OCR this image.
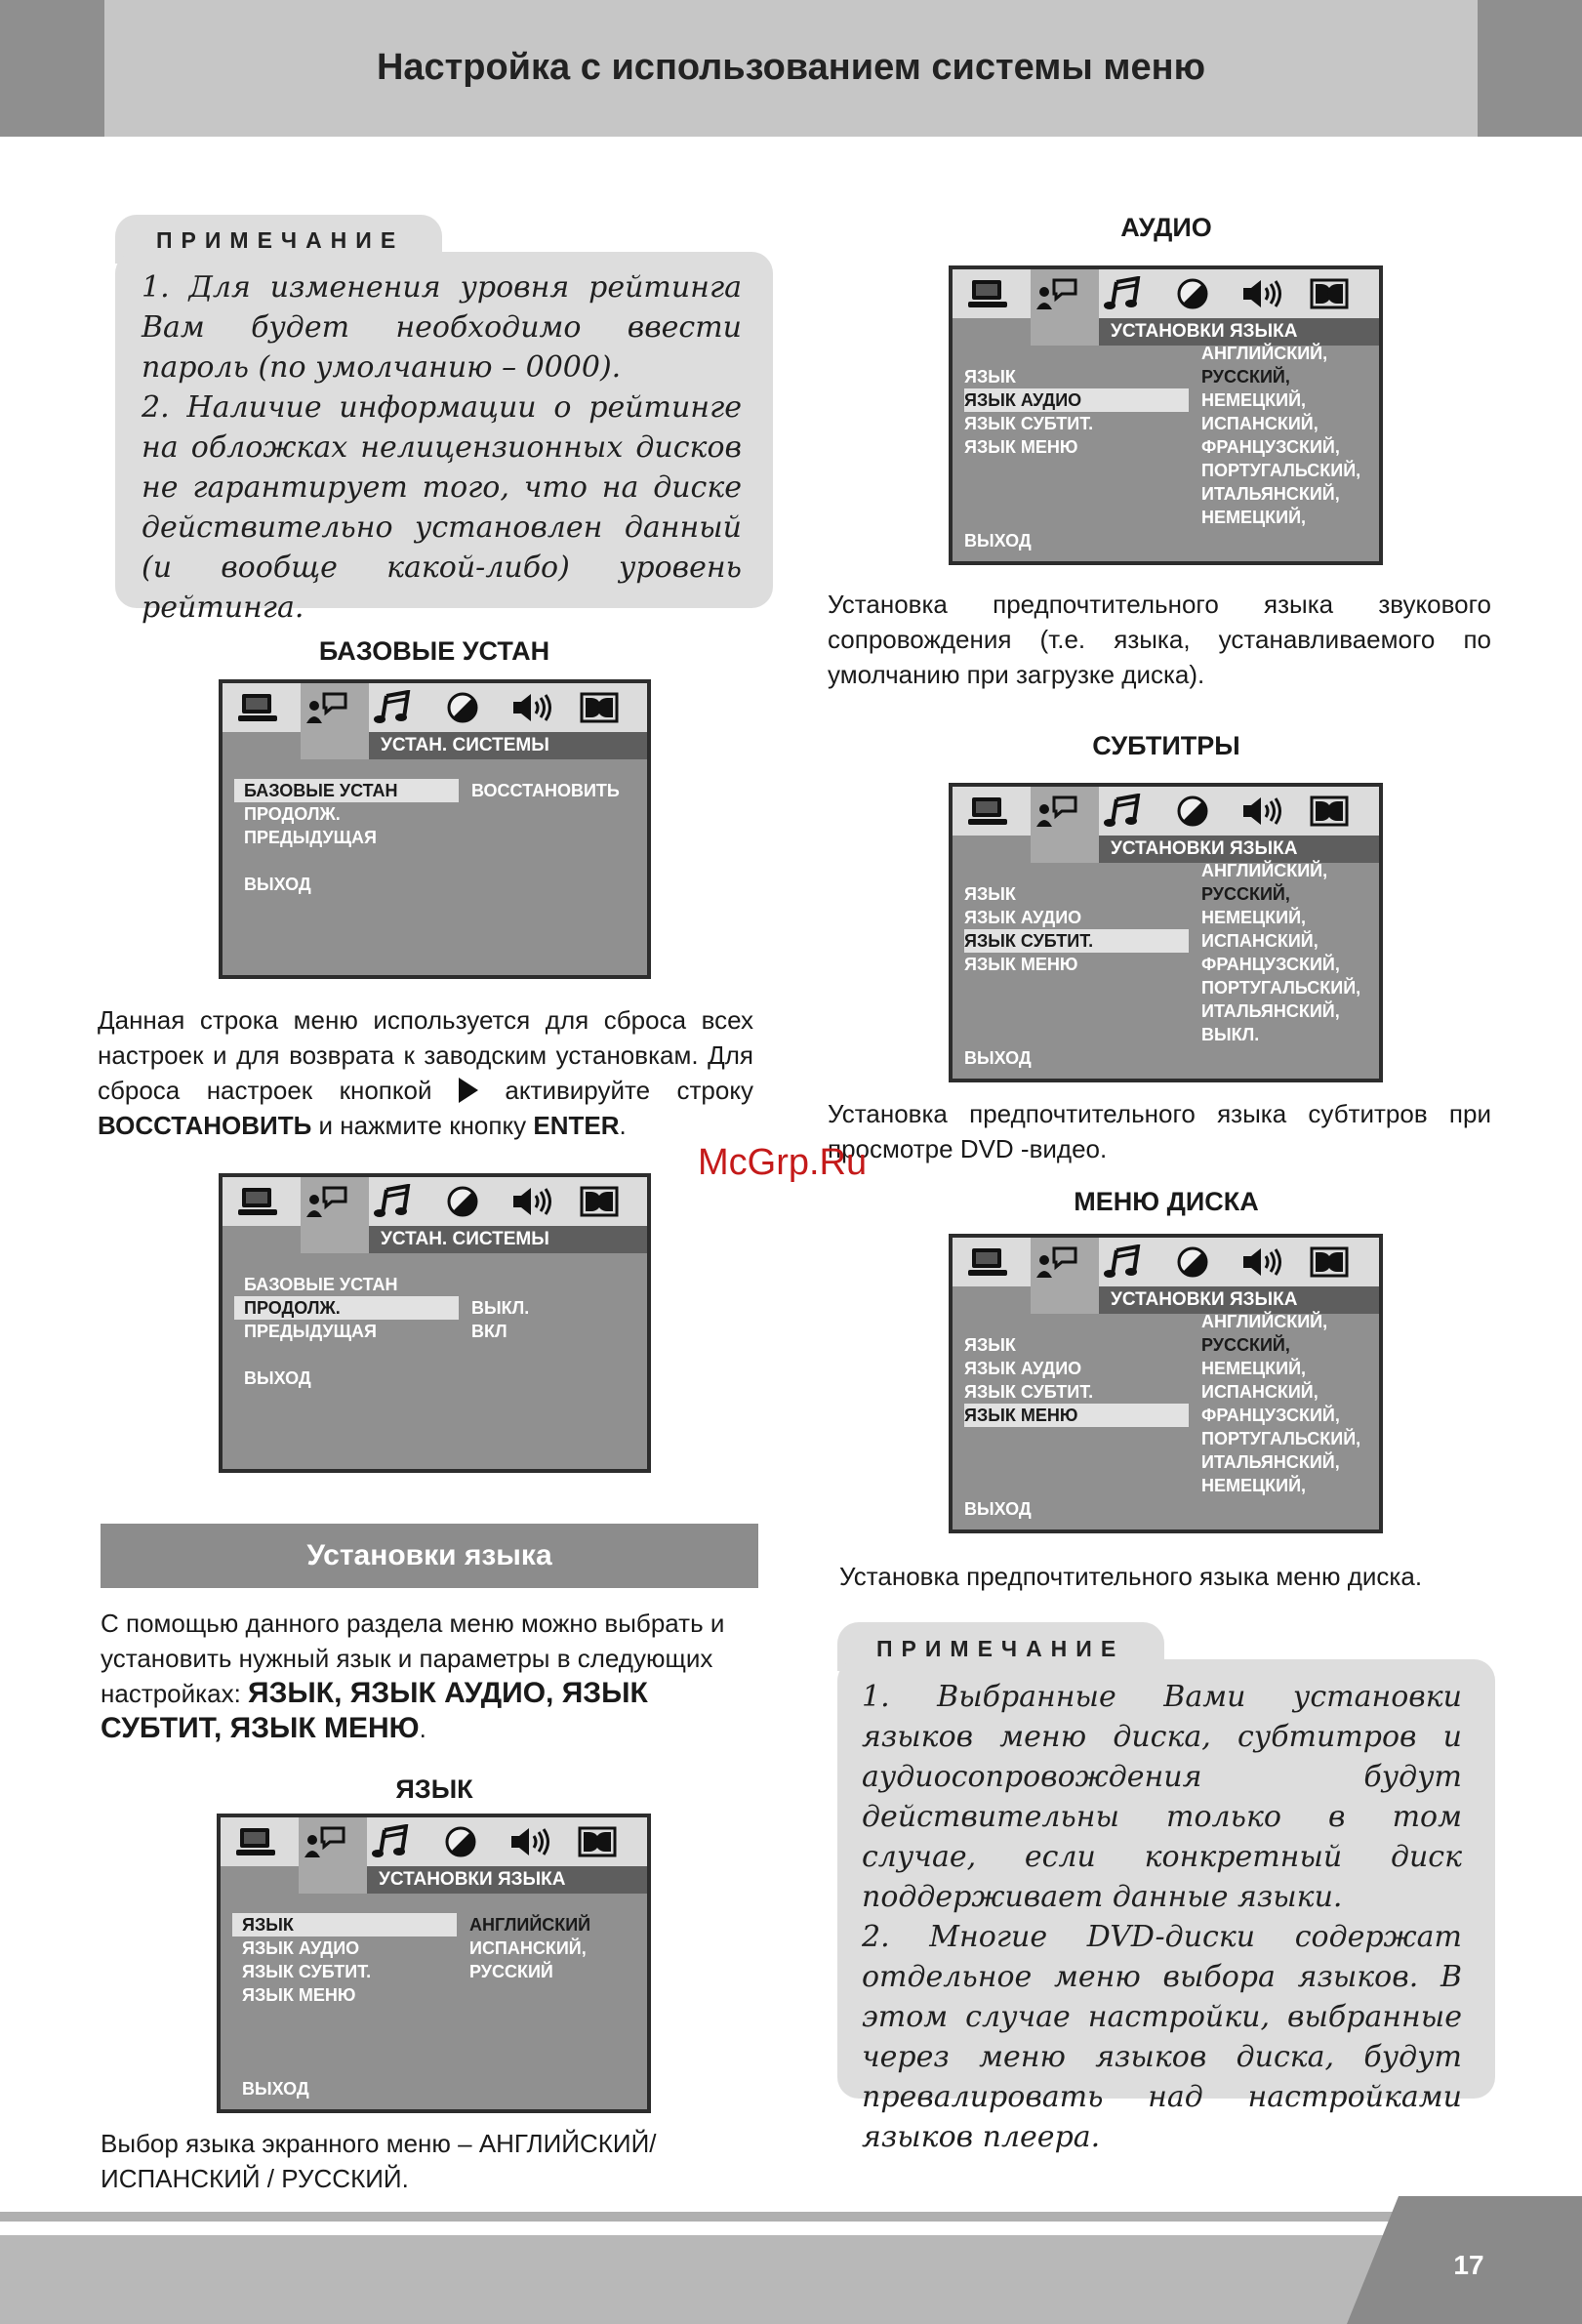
Настройка с использованием системы меню
ПРИМЕЧАНИЕ

1. Для изменения уровня рейтинга Вам будет необходимо ввести пароль (по умолчанию – 0000).

2. Наличие информации о рейтинге на обложках нелицензионных дисков не гарантирует того, что на диске действительно установлен данный (и вообще какой-либо) уровень рейтинга.

БАЗОВЫЕ УСТАН
УСТАН. СИСТЕМЫ
БАЗОВЫЕ УСТАН
ПРОДОЛЖ.
ПРЕДЫДУЩАЯ
ВЫХОД
ВОССТАНОВИТЬ

Данная строка меню используется для сброса всех настроек и для возврата к заводским установкам. Для сброса настроек кнопкой	активируйте строку ВОССТАНОВИТЬ и нажмите кнопку ENTER.

УСТАН. СИСТЕМЫ
БАЗОВЫЕ УСТАН
ПРОДОЛЖ.
ПРЕДЫДУЩАЯ
ВЫХОД
ВЫКЛ.
ВКЛ
Установки языка

С помощью данного раздела меню можно выбрать и установить нужный язык и параметры в следующих настройках: ЯЗЫК, ЯЗЫК АУДИО, ЯЗЫК СУБТИТ, ЯЗЫК МЕНЮ.

ЯЗЫК
УСТАНОВКИ ЯЗЫКА
ЯЗЫК
ЯЗЫК АУДИО
ЯЗЫК СУБТИТ.
ЯЗЫК МЕНЮ
ВЫХОД
АНГЛИЙСКИЙ
ИСПАНСКИЙ,
РУССКИЙ
Выбор языка экранного меню – АНГЛИЙСКИЙ/ ИСПАНСКИЙ / РУССКИЙ.
АУДИО
УСТАНОВКИ ЯЗЫКА
ЯЗЫК
ЯЗЫК АУДИО
ЯЗЫК СУБТИТ.
ЯЗЫК МЕНЮ
ВЫХОД
АНГЛИЙСКИЙ,
РУССКИЙ,
НЕМЕЦКИЙ,
ИСПАНСКИЙ,
ФРАНЦУЗСКИЙ,
ПОРТУГАЛЬСКИЙ,
ИТАЛЬЯНСКИЙ,
НЕМЕЦКИЙ,
Установка предпочтительного языка звукового сопровождения (т.е. языка, устанавливаемого по умолчанию при загрузке диска).
СУБТИТРЫ
УСТАНОВКИ ЯЗЫКА
ЯЗЫК
ЯЗЫК АУДИО
ЯЗЫК СУБТИТ.
ЯЗЫК МЕНЮ
ВЫХОД
АНГЛИЙСКИЙ,
РУССКИЙ,
НЕМЕЦКИЙ,
ИСПАНСКИЙ,
ФРАНЦУЗСКИЙ,
ПОРТУГАЛЬСКИЙ,
ИТАЛЬЯНСКИЙ,
ВЫКЛ.
Установка предпочтительного языка субтитров при просмотре DVD -видео.
McGrp.Ru
МЕНЮ ДИСКА
УСТАНОВКИ ЯЗЫКА
ЯЗЫК
ЯЗЫК АУДИО
ЯЗЫК СУБТИТ.
ЯЗЫК МЕНЮ
ВЫХОД
АНГЛИЙСКИЙ,
РУССКИЙ,
НЕМЕЦКИЙ,
ИСПАНСКИЙ,
ФРАНЦУЗСКИЙ,
ПОРТУГАЛЬСКИЙ,
ИТАЛЬЯНСКИЙ,
НЕМЕЦКИЙ,
Установка предпочтительного языка меню диска.
ПРИМЕЧАНИЕ

1. Выбранные Вами установки языков меню диска, субтитров и аудиосопровождения будут действительны только в том случае, если конкретный диск поддерживает данные языки.

2. Многие DVD-диски содержат отдельное меню выбора языков. В этом случае настройки, выбранные через меню языков диска, будут превалировать над настройками языков плеера.

17
